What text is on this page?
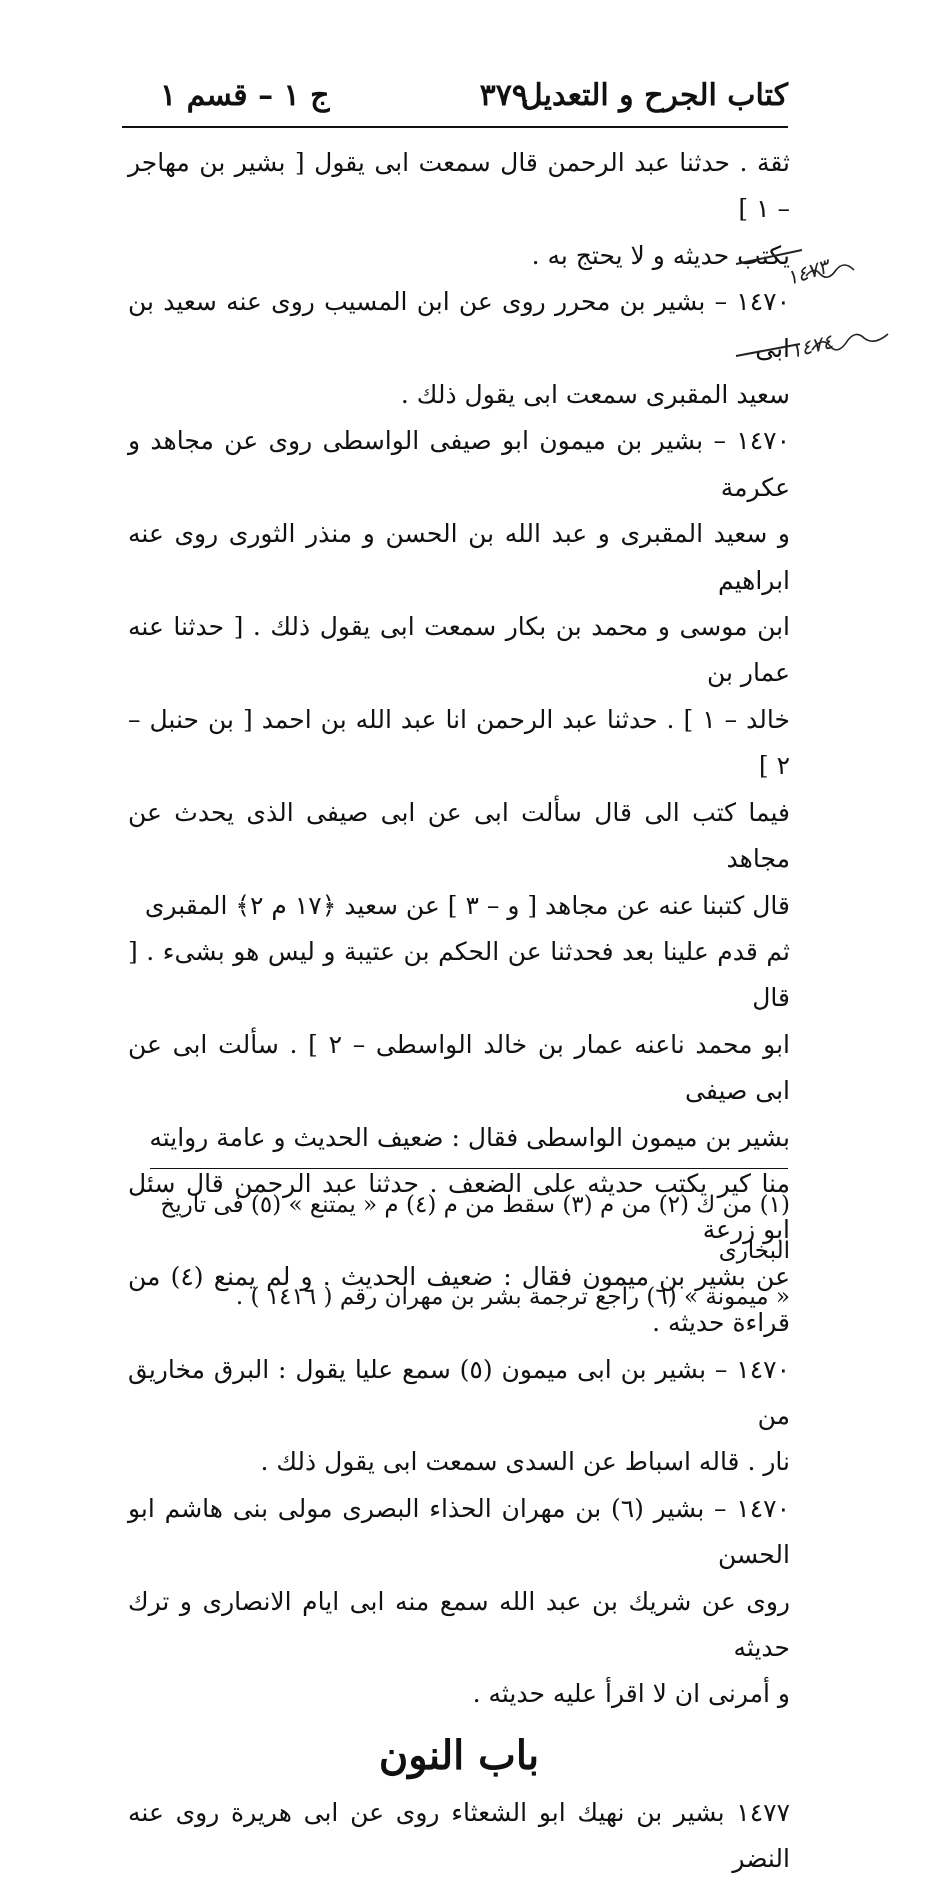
كتاب الجرح و التعديل
٣٧٩
ج ١ – قسم ١

ثقة . حدثنا عبد الرحمن قال سمعت ابى يقول [ بشير بن مهاجر – ١ ]

يكتب حديثه و لا يحتج به .

١٤٧٠ – بشير بن محرر روى عن ابن المسيب روى عنه سعيد بن ابى

سعيد المقبرى سمعت ابى يقول ذلك .

١٤٧٠ – بشير بن ميمون ابو صيفى الواسطى روى عن مجاهد و عكرمة

و سعيد المقبرى و عبد الله بن الحسن و منذر الثورى روى عنه ابراهيم

ابن موسى و محمد بن بكار سمعت ابى يقول ذلك . [ حدثنا عنه عمار بن

خالد – ١ ] . حدثنا عبد الرحمن انا عبد الله بن احمد [ بن حنبل – ٢ ]

فيما كتب الى قال سألت ابى عن ابى صيفى الذى يحدث عن مجاهد

قال كتبنا عنه عن مجاهد [ و – ٣ ] عن سعيد ﴿١٧ م ٢﴾ المقبرى

ثم قدم علينا بعد فحدثنا عن الحكم بن عتيبة و ليس هو بشىء . [ قال

ابو محمد ناعنه عمار بن خالد الواسطى – ٢ ] . سألت ابى عن ابى صيفى

بشير بن ميمون الواسطى فقال : ضعيف الحديث و عامة روايته

منا كير يكتب حديثه على الضعف . حدثنا عبد الرحمن قال سئل ابو زرعة

عن بشير بن ميمون فقال : ضعيف الحديث . و لم يمنع (٤) من قراءة حديثه .

١٤٧٠ – بشير بن ابى ميمون (٥) سمع عليا يقول : البرق مخاريق من

نار . قاله اسباط عن السدى سمعت ابى يقول ذلك .

١٤٧٠ – بشير (٦) بن مهران الحذاء البصرى مولى بنى هاشم ابو الحسن

روى عن شريك بن عبد الله سمع منه ابى ايام الانصارى و ترك حديثه

و أمرنى ان لا اقرأ عليه حديثه .

باب النون

١٤٧٧ بشير بن نهيك ابو الشعثاء روى عن ابى هريرة روى عنه النضر

(١) من ك (٢) من م (٣) سقط من م (٤) م « يمتنع » (٥) فى تاريخ البخارى
« ميمونة » (٦) راجع ترجمة بشر بن مهران رقم ( ١٤١٦ ) .
١٤٧٣
١٤٧٤
